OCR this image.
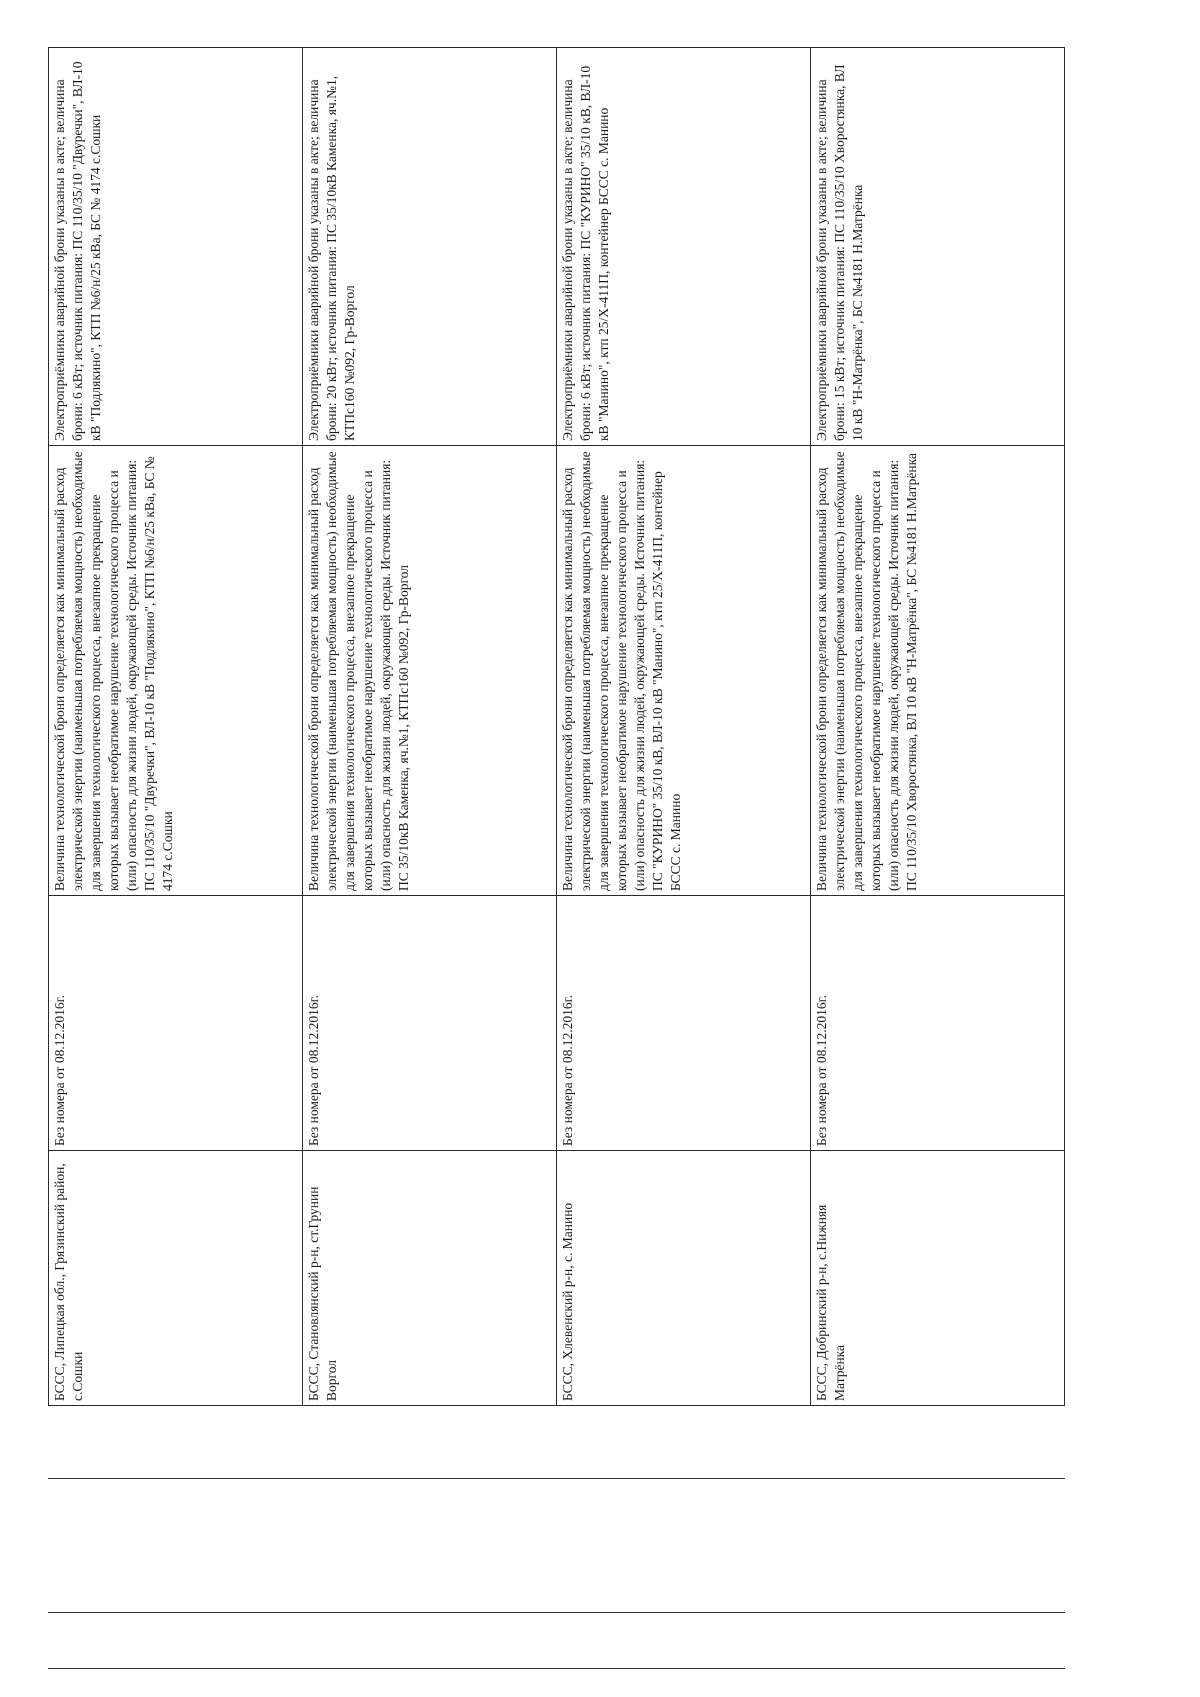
БССС, Липецкая обл., Грязинский район, с.Сошки	Без номера от 08.12.2016г.	Величина технологической брони определяется как минимальный расход электрической энергии (наименьшая потребляемая мощность) необходимые для завершения технологического процесса, внезапное прекращение которых вызывает необратимое нарушение технологического процесса и (или) опасность для жизни людей, окружающей среды. Источник питания: ПС 110/35/10 "Двуречки", ВЛ-10 кВ "Подлякино", КТП №6/н/25 кВа, БС № 4174 с.Сошки	Электроприёмники аварийной брони указаны в акте; величина брони: 6 кВт; источник питания: ПС 110/35/10 "Двуречки", ВЛ-10 кВ "Подлякино", КТП №6/н/25 кВа, БС № 4174 с.Сошки
БССС, Становлянский р-н, ст.Грунин Воргол	Без номера от 08.12.2016г.	Величина технологической брони определяется как минимальный расход электрической энергии (наименьшая потребляемая мощность) необходимые для завершения технологического процесса, внезапное прекращение которых вызывает необратимое нарушение технологического процесса и (или) опасность для жизни людей, окружающей среды. Источник питания: ПС 35/10кВ Каменка, яч.№1, КТПс160 №092, Гр-Воргол	Электроприёмники аварийной брони указаны в акте; величина брони: 20 кВт; источник питания: ПС 35/10кВ Каменка, яч.№1, КТПс160 №092, Гр-Воргол
БССС, Хлевенский р-н, с. Манино	Без номера от 08.12.2016г.	Величина технологической брони определяется как минимальный расход электрической энергии (наименьшая потребляемая мощность) необходимые для завершения технологического процесса, внезапное прекращение которых вызывает необратимое нарушение технологического процесса и (или) опасность для жизни людей, окружающей среды. Источник питания: ПС "КУРИНО" 35/10 кВ, ВЛ-10 кВ "Манино", ктп 25/Х-411П, контейнер БССС с. Манино	Электроприёмники аварийной брони указаны в акте; величина брони: 6 кВт; источник питания: ПС "КУРИНО" 35/10 кВ, ВЛ-10 кВ "Манино", ктп 25/Х-411П, контейнер БССС с. Манино
БССС, Добринский р-н, с.Нижняя Матрёнка	Без номера от 08.12.2016г.	Величина технологической брони определяется как минимальный расход электрической энергии (наименьшая потребляемая мощность) необходимые для завершения технологического процесса, внезапное прекращение которых вызывает необратимое нарушение технологического процесса и (или) опасность для жизни людей, окружающей среды. Источник питания: ПС 110/35/10 Хворостянка, ВЛ 10 кВ "Н-Матрёнка", БС №4181 Н.Матрёнка	Электроприёмники аварийной брони указаны в акте; величина брони: 15 кВт; источник питания: ПС 110/35/10 Хворостянка, ВЛ 10 кВ "Н-Матрёнка", БС №4181 Н.Матрёнка
